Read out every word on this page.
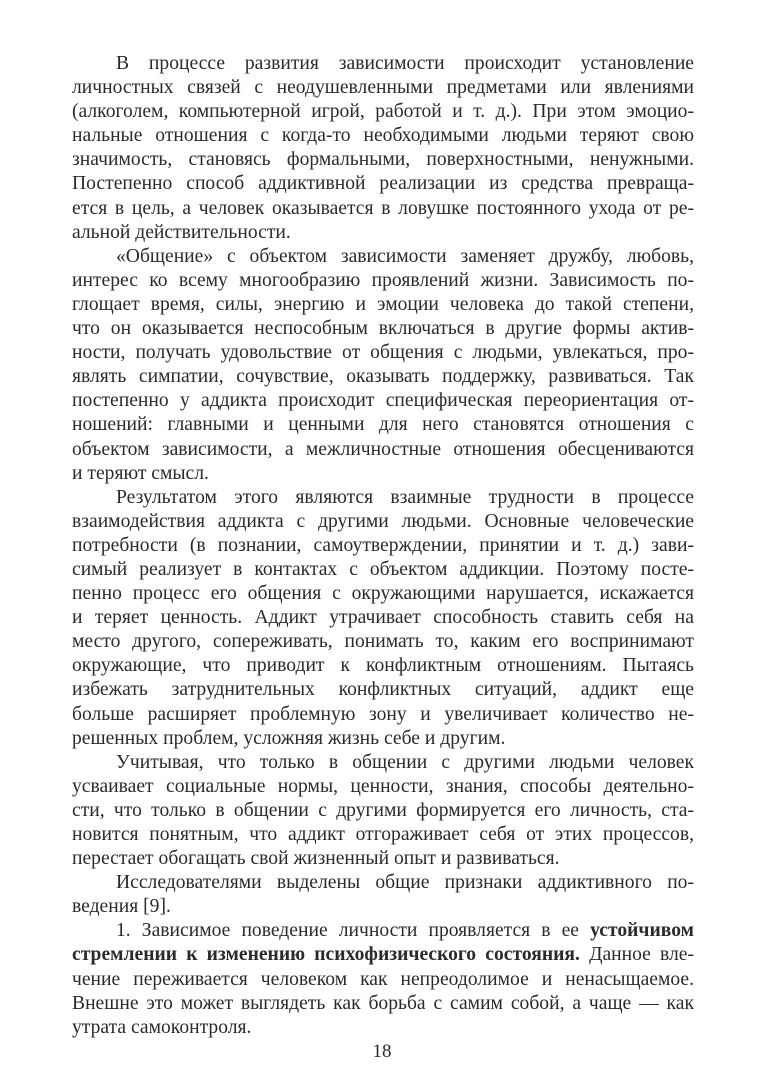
В процессе развития зависимости происходит установление
личностных связей с неодушевленными предметами или явлениями
(алкоголем, компьютерной игрой, работой и т. д.). При этом эмоцио-
нальные отношения с когда-то необходимыми людьми теряют свою
значимость, становясь формальными, поверхностными, ненужными.
Постепенно способ аддиктивной реализации из средства превраща-
ется в цель, а человек оказывается в ловушке постоянного ухода от ре-
альной действительности.
«Общение» с объектом зависимости заменяет дружбу, любовь,
интерес ко всему многообразию проявлений жизни. Зависимость по-
глощает время, силы, энергию и эмоции человека до такой степени,
что он оказывается неспособным включаться в другие формы актив-
ности, получать удовольствие от общения с людьми, увлекаться, про-
являть симпатии, сочувствие, оказывать поддержку, развиваться. Так
постепенно у аддикта происходит специфическая переориентация от-
ношений: главными и ценными для него становятся отношения с
объектом зависимости, а межличностные отношения обесцениваются
и теряют смысл.
Результатом этого являются взаимные трудности в процессе
взаимодействия аддикта с другими людьми. Основные человеческие
потребности (в познании, самоутверждении, принятии и т. д.) зави-
симый реализует в контактах с объектом аддикции. Поэтому посте-
пенно процесс его общения с окружающими нарушается, искажается
и теряет ценность. Аддикт утрачивает способность ставить себя на
место другого, сопереживать, понимать то, каким его воспринимают
окружающие, что приводит к конфликтным отношениям. Пытаясь
избежать затруднительных конфликтных ситуаций, аддикт еще
больше расширяет проблемную зону и увеличивает количество не-
решенных проблем, усложняя жизнь себе и другим.
Учитывая, что только в общении с другими людьми человек
усваивает социальные нормы, ценности, знания, способы деятельно-
сти, что только в общении с другими формируется его личность, ста-
новится понятным, что аддикт отгораживает себя от этих процессов,
перестает обогащать свой жизненный опыт и развиваться.
Исследователями выделены общие признаки аддиктивного по-
ведения [9].
1. Зависимое поведение личности проявляется в ее устойчивом
стремлении к изменению психофизического состояния. Данное вле-
чение переживается человеком как непреодолимое и ненасыщаемое.
Внешне это может выглядеть как борьба с самим собой, а чаще — как
утрата самоконтроля.
18
